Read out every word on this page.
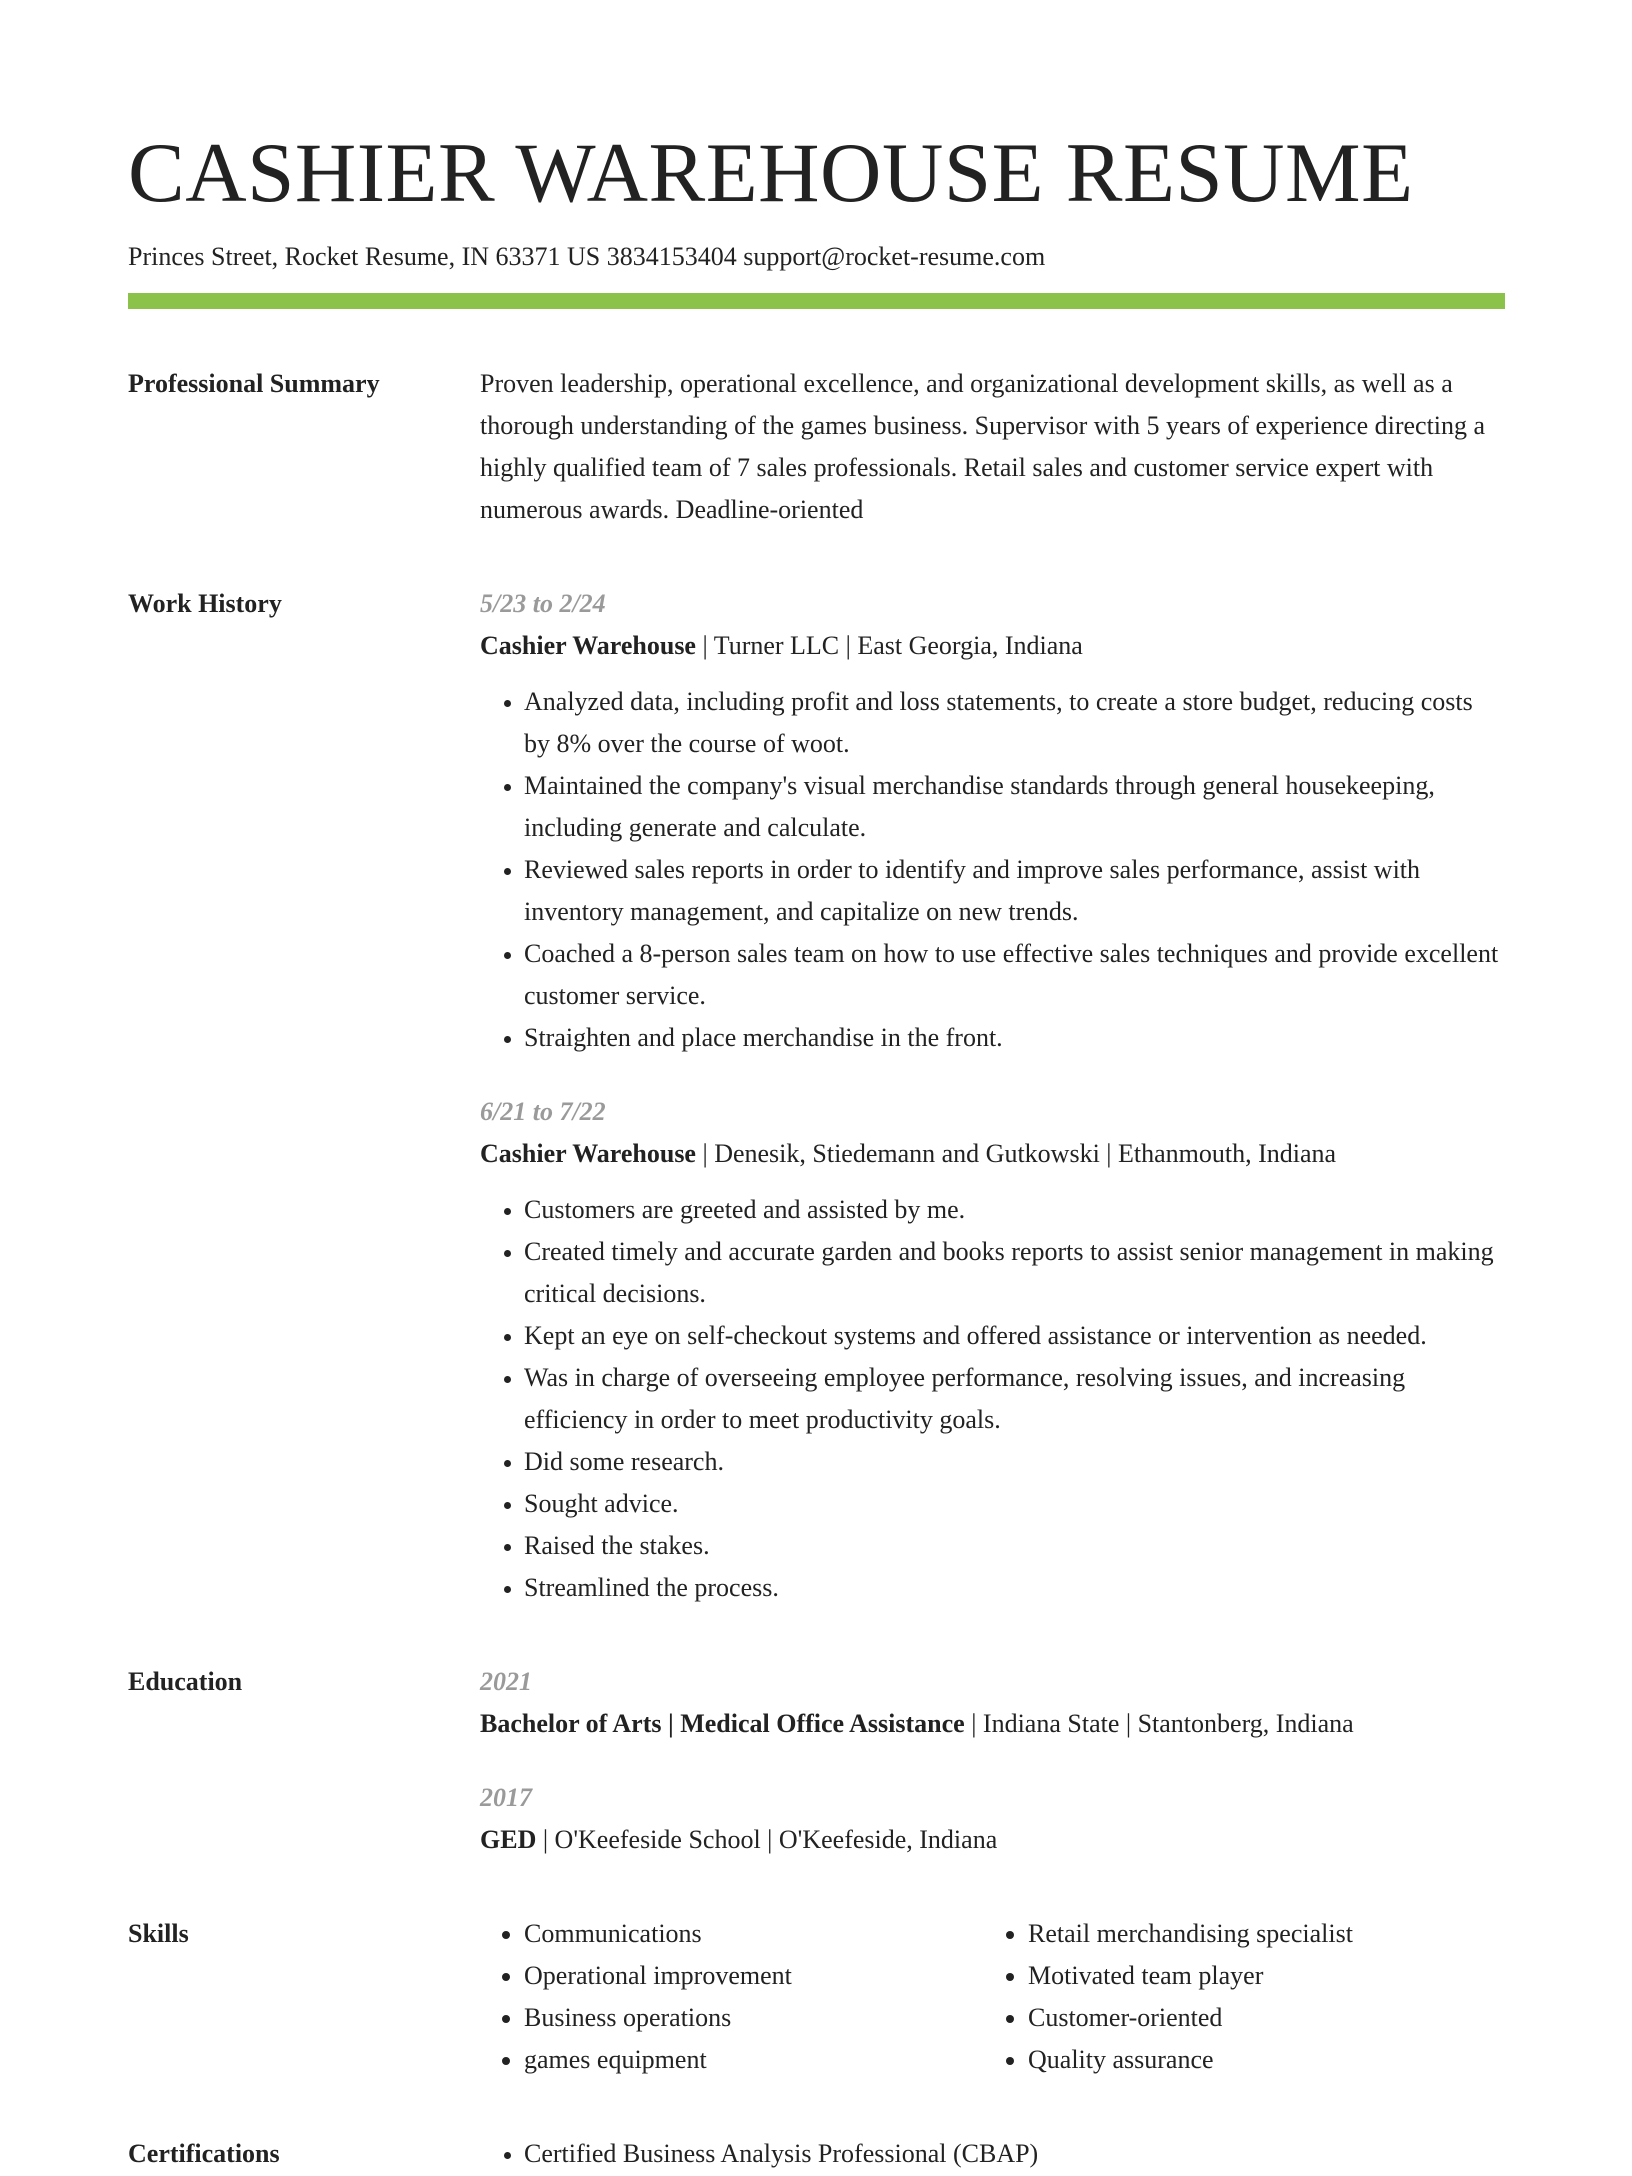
CASHIER WAREHOUSE RESUME
Princes Street, Rocket Resume, IN 63371 US 3834153404 support@rocket-resume.com
Professional Summary	Proven leadership, operational excellence, and organizational development skills, as well as a thorough understanding of the games business. Supervisor with 5 years of experience directing a highly qualified team of 7 sales professionals. Retail sales and customer service expert with numerous awards. Deadline-oriented

Work History	5/23 to 2/24
Cashier Warehouse | Turner LLC | East Georgia, Indiana
• Analyzed data, including profit and loss statements, to create a store budget, reducing costs by 8% over the course of woot.
• Maintained the company's visual merchandise standards through general housekeeping, including generate and calculate.
• Reviewed sales reports in order to identify and improve sales performance, assist with inventory management, and capitalize on new trends.
• Coached a 8-person sales team on how to use effective sales techniques and provide excellent customer service.
• Straighten and place merchandise in the front.
6/21 to 7/22
Cashier Warehouse | Denesik, Stiedemann and Gutkowski | Ethanmouth, Indiana
• Customers are greeted and assisted by me.
• Created timely and accurate garden and books reports to assist senior management in making critical decisions.
• Kept an eye on self-checkout systems and offered assistance or intervention as needed.
• Was in charge of overseeing employee performance, resolving issues, and increasing efficiency in order to meet productivity goals.
• Did some research.
• Sought advice.
• Raised the stakes.
• Streamlined the process.
Education	2021
Bachelor of Arts | Medical Office Assistance | Indiana State | Stantonberg, Indiana
2017
GED | O'Keefeside School | O'Keefeside, Indiana
Skills	• Communications
• Operational improvement
• Business operations
• games equipment
• Retail merchandising specialist
• Motivated team player
• Customer-oriented
• Quality assurance
Certifications	• Certified Business Analysis Professional (CBAP)
